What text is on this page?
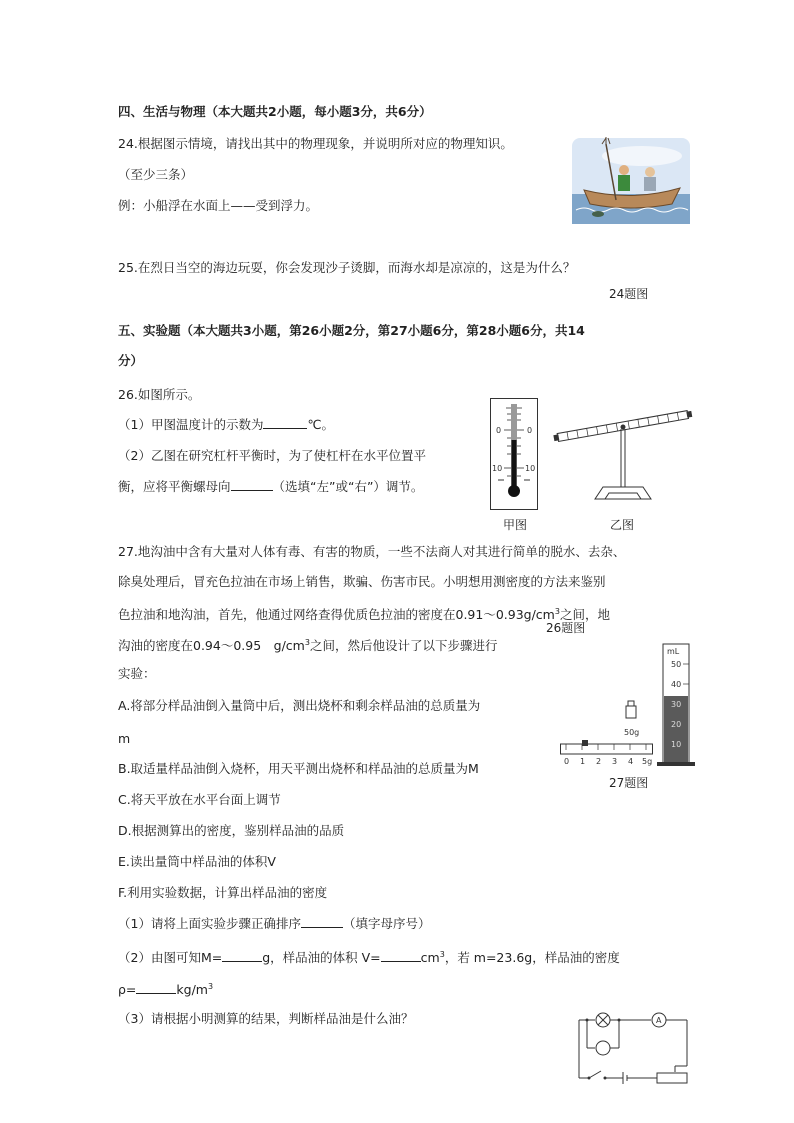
四、生活与物理（本大题共2小题，每小题3分，共6分）
24.根据图示情境，请找出其中的物理现象，并说明所对应的物理知识。
（至少三条）
例：小船浮在水面上——受到浮力。
25.在烈日当空的海边玩耍，你会发现沙子烫脚，而海水却是凉凉的，这是为什么？
24题图
五、实验题（本大题共3小题，第26小题2分，第27小题6分，第28小题6分，共14
分）
26.如图所示。
（1）甲图温度计的示数为	℃。
（2）乙图在研究杠杆平衡时，为了使杠杆在水平位置平
衡，应将平衡螺母向	（选填“左”或“右”）调节。
0	0
10	10
甲图	乙图
27.地沟油中含有大量对人体有毒、有害的物质，一些不法商人对其进行简单的脱水、去杂、
除臭处理后，冒充色拉油在市场上销售，欺骗、伤害市民。小明想用测密度的方法来鉴别
色拉油和地沟油，首先，他通过网络查得优质色拉油的密度在$0.91\sim 0.93g/cm^3$之间，地
26题图
沟油的密度在0.94～0.95　$g/cm^3$之间，然后他设计了以下步骤进行
实验：
A.将部分样品油倒入量筒中后，测出烧杯和剩余样品油的总质量为
m
B.取适量样品油倒入烧杯，用天平测出烧杯和样品油的总质量为M
C.将天平放在水平台面上调节
D.根据测算出的密度，鉴别样品油的品质
E.读出量筒中样品油的体积V
F.利用实验数据，计算出样品油的密度
（1）请将上面实验步骤正确排序	（填字母序号）
（2）由图可知M=	g，样品油的体积 V=	$cm^3$，若 m=23.6g，样品油的密度
ρ=	$kg/m^3$
（3）请根据小明测算的结果，判断样品油是什么油？
50g
0 1 2 3 4 5g
mL
50
40
30
20
10
27题图
A
